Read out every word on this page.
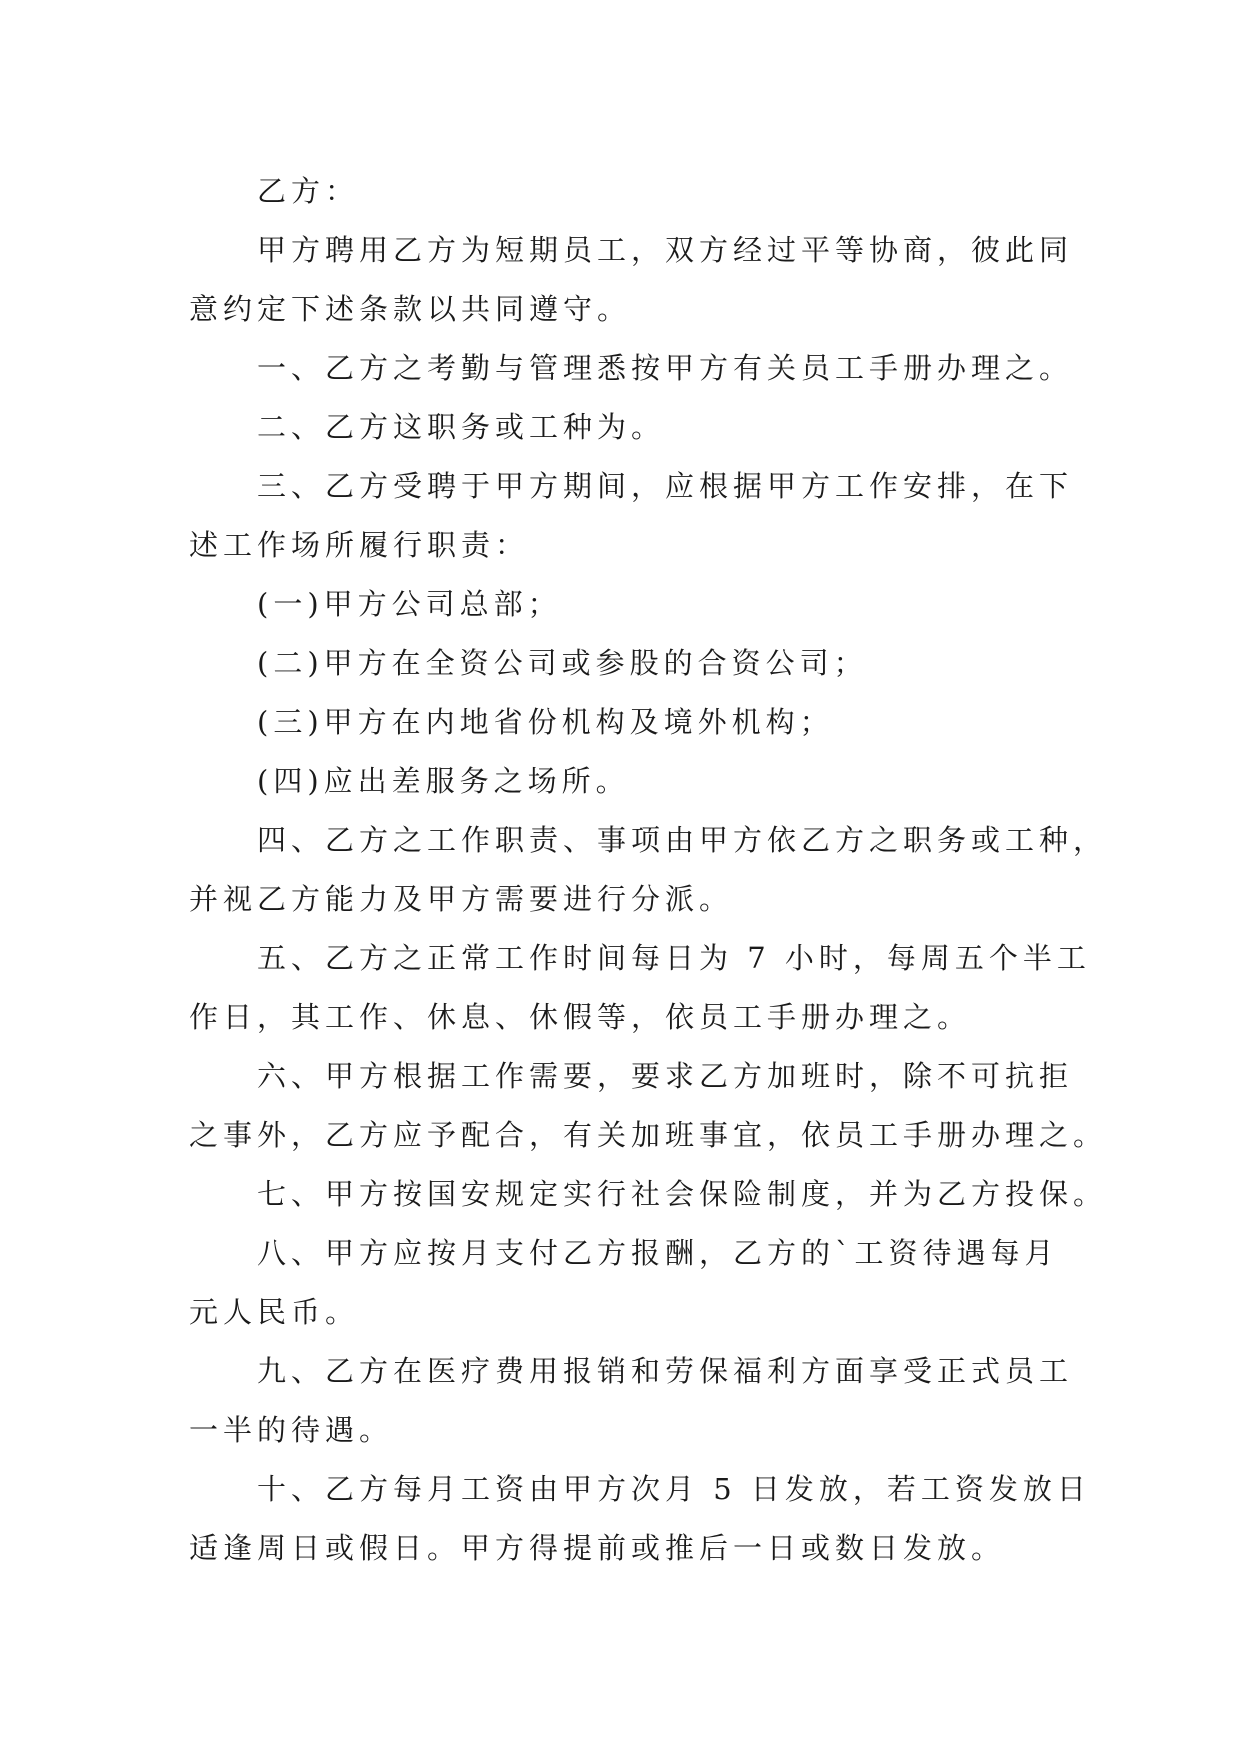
乙方：
甲方聘用乙方为短期员工，双方经过平等协商，彼此同
意约定下述条款以共同遵守。
一、乙方之考勤与管理悉按甲方有关员工手册办理之。
二、乙方这职务或工种为。
三、乙方受聘于甲方期间，应根据甲方工作安排，在下
述工作场所履行职责：
(一)甲方公司总部；
(二)甲方在全资公司或参股的合资公司；
(三)甲方在内地省份机构及境外机构；
(四)应出差服务之场所。
四、乙方之工作职责、事项由甲方依乙方之职务或工种，
并视乙方能力及甲方需要进行分派。
五、乙方之正常工作时间每日为 7 小时，每周五个半工
作日，其工作、休息、休假等，依员工手册办理之。
六、甲方根据工作需要，要求乙方加班时，除不可抗拒
之事外，乙方应予配合，有关加班事宜，依员工手册办理之。
七、甲方按国安规定实行社会保险制度，并为乙方投保。
八、甲方应按月支付乙方报酬，乙方的`工资待遇每月
元人民币。
九、乙方在医疗费用报销和劳保福利方面享受正式员工
一半的待遇。
十、乙方每月工资由甲方次月 5 日发放，若工资发放日
适逢周日或假日。甲方得提前或推后一日或数日发放。
